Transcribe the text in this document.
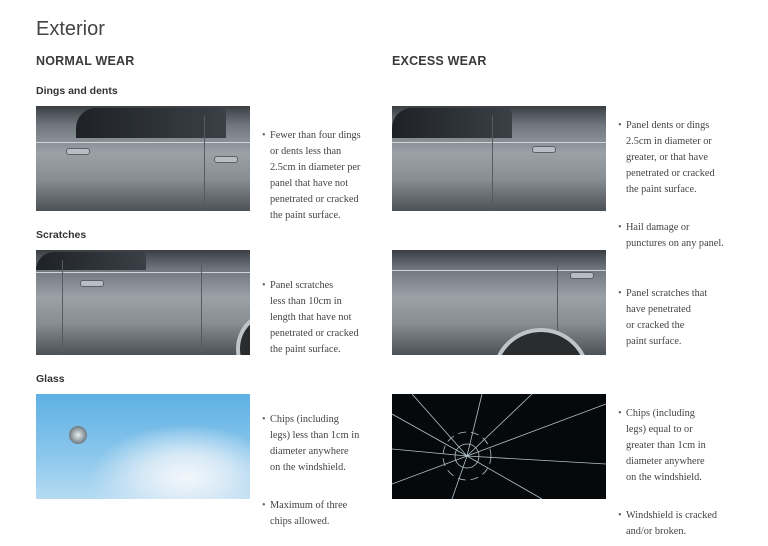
Exterior
NORMAL WEAR	EXCESS WEAR
Dings and dents

• Fewer than four dings
or dents less than
2.5cm in diameter per
panel that have not
penetrated or cracked
the paint surface.

• Panel dents or dings
2.5cm in diameter or
greater, or that have
penetrated or cracked
the paint surface.

• Hail damage or
punctures on any panel.
Scratches

• Panel scratches
less than 10cm in
length that have not
penetrated or cracked
the paint surface.

• Panel scratches that
have penetrated
or cracked the
paint surface.
Glass

• Chips (including
legs) less than 1cm in
diameter anywhere
on the windshield.

• Maximum of three
chips allowed.

• Chips (including
legs) equal to or
greater than 1cm in
diameter anywhere
on the windshield.

• Windshield is cracked
and/or broken.
